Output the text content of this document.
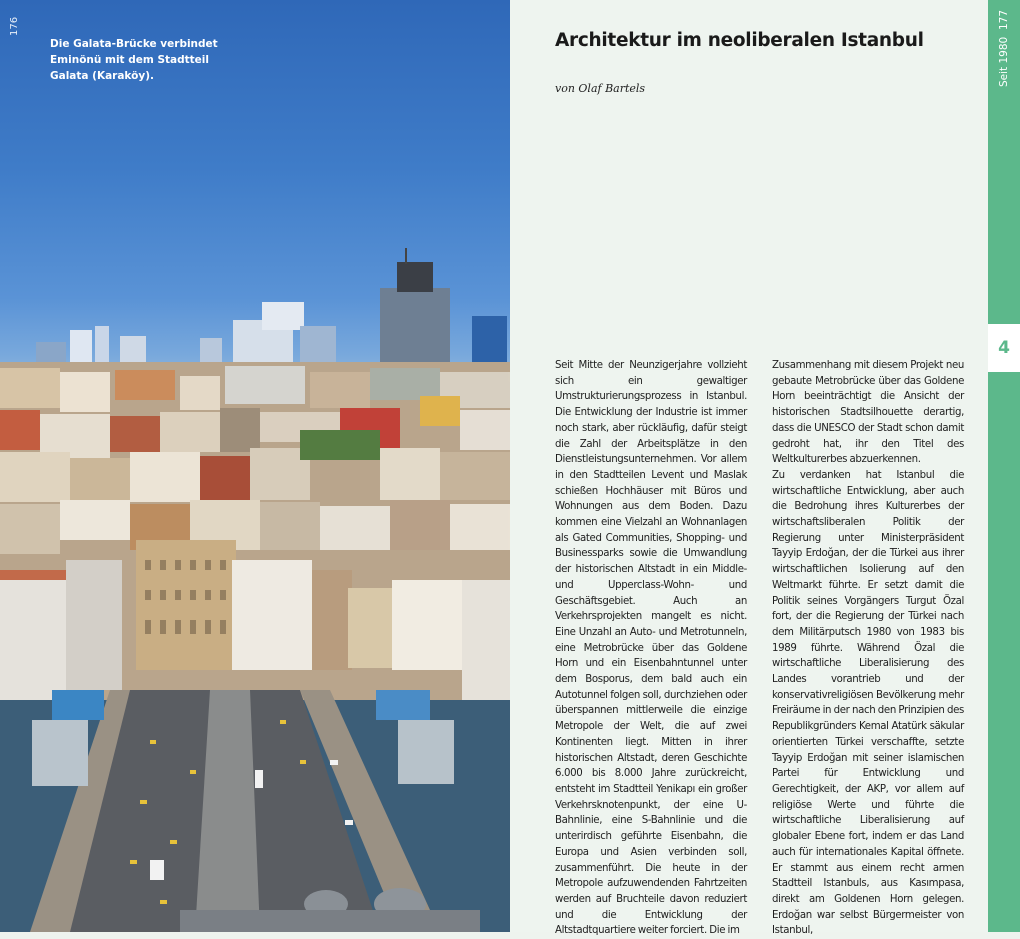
176
Die Galata-Brücke verbindet Eminönü mit dem Stadtteil Galata (Karaköy).
Architektur im neoliberalen Istanbul
von Olaf Bartels

Seit Mitte der Neunzigerjahre vollzieht sich ein gewaltiger Umstrukturierungsprozess in Istanbul. Die Entwicklung der Industrie ist immer noch stark, aber rückläufig, dafür steigt die Zahl der Arbeitsplätze in den Dienstleistungsunternehmen. Vor allem in den Stadtteilen Levent und Maslak schießen Hochhäuser mit Büros und Wohnungen aus dem Boden. Dazu kommen eine Vielzahl an Wohnanlagen als Gated Communities, Shopping- und Businessparks sowie die Umwandlung der historischen Altstadt in ein Middle- und Upperclass-Wohn- und Geschäftsgebiet. Auch an Verkehrsprojekten mangelt es nicht. Eine Unzahl an Auto- und Metrotunneln, eine Metrobrücke über das Goldene Horn und ein Eisenbahntunnel unter dem Bosporus, dem bald auch ein Autotunnel folgen soll, durchziehen oder überspannen mittlerweile die einzige Metropole der Welt, die auf zwei Kontinenten liegt. Mitten in ihrer historischen Altstadt, deren Geschichte 6.000 bis 8.000 Jahre zurückreicht, entsteht im Stadtteil Yenikapı ein großer Verkehrsknotenpunkt, der eine U-Bahnlinie, eine S-Bahnlinie und die unterirdisch geführte Eisenbahn, die Europa und Asien verbinden soll, zusammenführt. Die heute in der Metropole aufzuwendenden Fahrtzeiten werden auf Bruchteile davon reduziert und die Entwicklung der Altstadtquartiere weiter forciert. Die im

Zusammenhang mit diesem Projekt neu gebaute Metrobrücke über das Goldene Horn beeinträchtigt die Ansicht der historischen Stadtsilhouette derartig, dass die UNESCO der Stadt schon damit gedroht hat, ihr den Titel des Weltkulturerbes abzuerkennen.

Zu verdanken hat Istanbul die wirtschaftliche Entwicklung, aber auch die Bedrohung ihres Kulturerbes der wirtschaftsliberalen Politik der Regierung unter Ministerpräsident Tayyip Erdoğan, der die Türkei aus ihrer wirtschaftlichen Isolierung auf den Weltmarkt führte. Er setzt damit die Politik seines Vorgängers Turgut Özal fort, der die Regierung der Türkei nach dem Militärputsch 1980 von 1983 bis 1989 führte. Während Özal die wirtschaftliche Liberalisierung des Landes vorantrieb und der konservativreligiösen Bevölkerung mehr Freiräume in der nach den Prinzipien des Republikgründers Kemal Atatürk säkular orientierten Türkei verschaffte, setzte Tayyip Erdoğan mit seiner islamischen Partei für Entwicklung und Gerechtigkeit, der AKP, vor allem auf religiöse Werte und führte die wirtschaftliche Liberalisierung auf globaler Ebene fort, indem er das Land auch für internationales Kapital öffnete. Er stammt aus einem recht armen Stadtteil Istanbuls, aus Kasımpasa, direkt am Goldenen Horn gelegen. Erdoğan war selbst Bürgermeister von Istanbul,

Seit 1980

177
4
